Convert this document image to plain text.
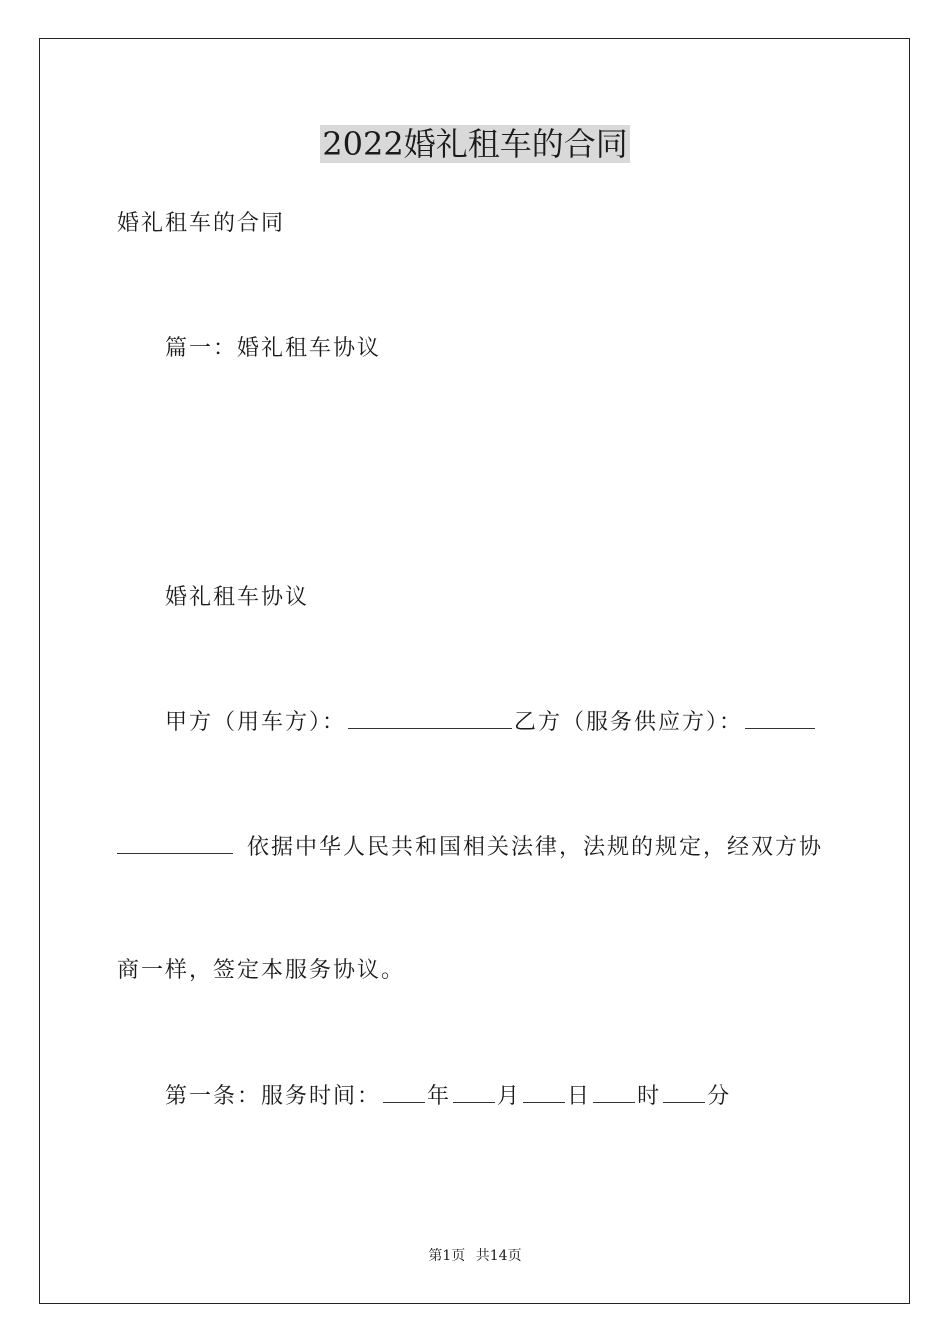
2022婚礼租车的合同

婚礼租车的合同

篇一：婚礼租车协议

婚礼租车协议

甲方（用车方）：	乙方（服务供应方）：

依据中华人民共和国相关法律，法规的规定，经双方协

商一样，签定本服务协议。

第一条：服务时间： 年 月 日 时 分

第1页 共14页
